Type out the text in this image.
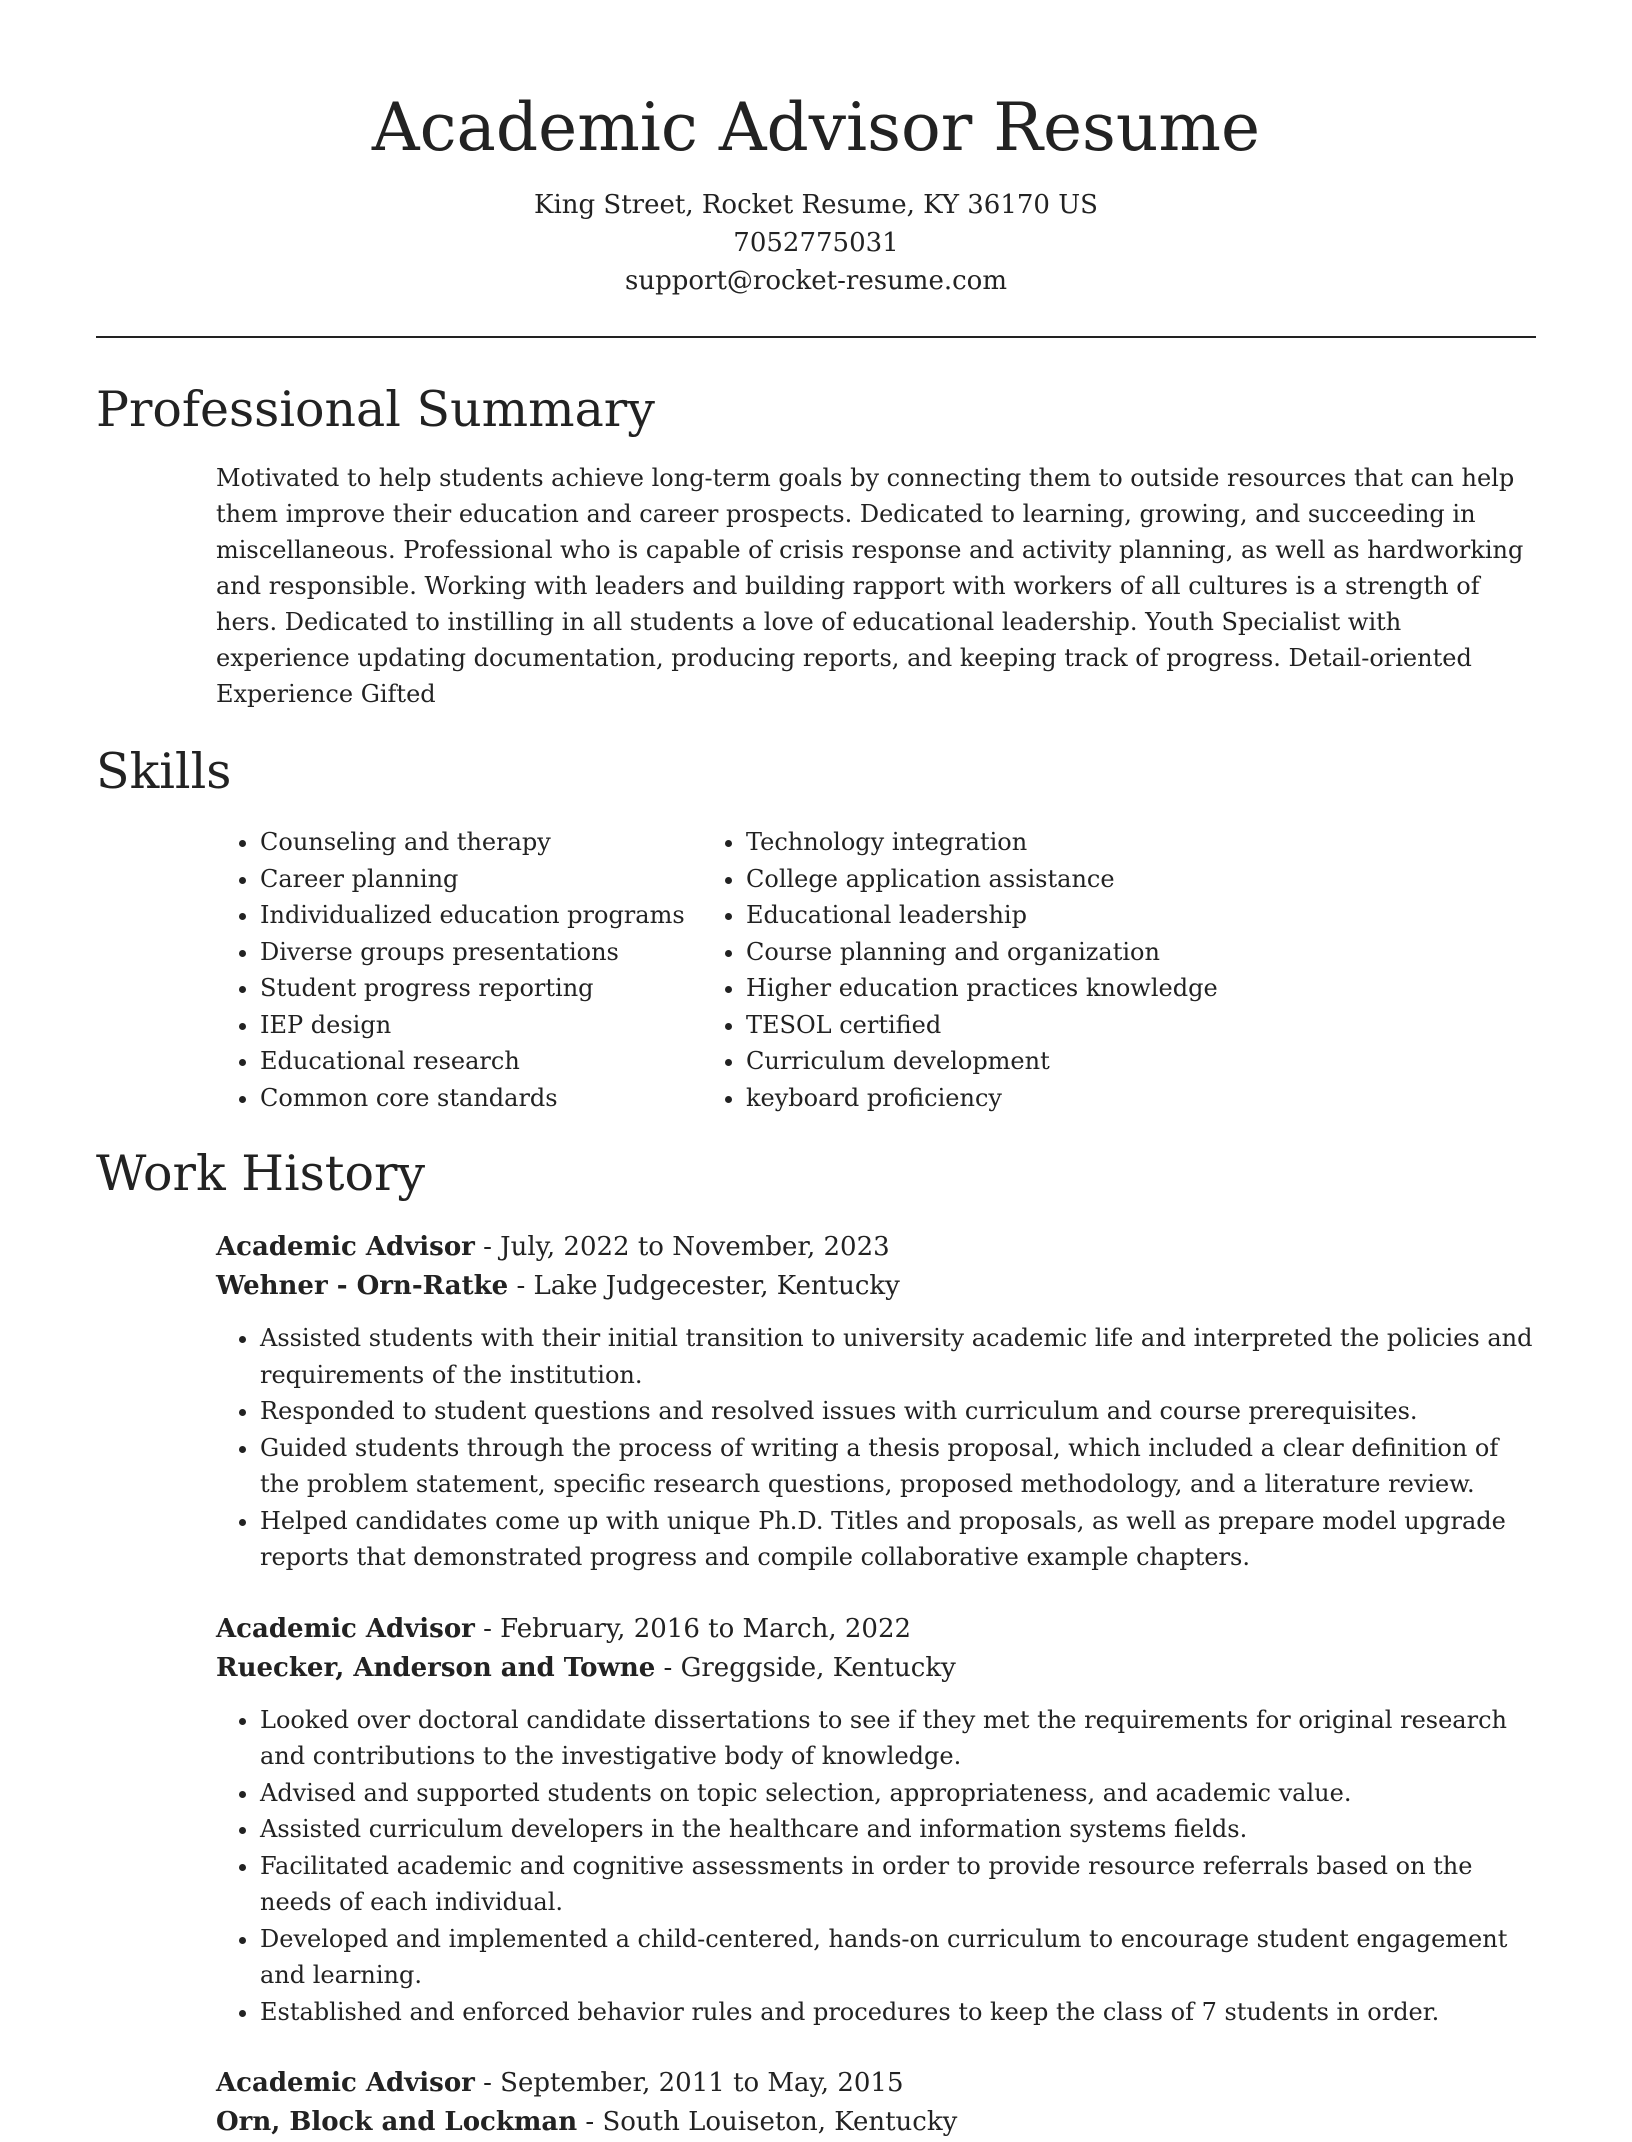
Academic Advisor Resume
King Street, Rocket Resume, KY 36170 US
7052775031
support@rocket-resume.com
Professional Summary

Motivated to help students achieve long-term goals by connecting them to outside resources that can help them improve their education and career prospects. Dedicated to learning, growing, and succeeding in miscellaneous. Professional who is capable of crisis response and activity planning, as well as hardworking and responsible. Working with leaders and building rapport with workers of all cultures is a strength of hers. Dedicated to instilling in all students a love of educational leadership. Youth Specialist with experience updating documentation, producing reports, and keeping track of progress. Detail-oriented Experience Gifted

Skills
• Counseling and therapy
• Career planning
• Individualized education programs
• Diverse groups presentations
• Student progress reporting
• IEP design
• Educational research
• Common core standards
• Technology integration
• College application assistance
• Educational leadership
• Course planning and organization
• Higher education practices knowledge
• TESOL certified
• Curriculum development
• keyboard proficiency
Work History
Academic Advisor - July, 2022 to November, 2023
Wehner - Orn-Ratke - Lake Judgecester, Kentucky
• Assisted students with their initial transition to university academic life and interpreted the policies and requirements of the institution.
• Responded to student questions and resolved issues with curriculum and course prerequisites.
• Guided students through the process of writing a thesis proposal, which included a clear definition of the problem statement, specific research questions, proposed methodology, and a literature review.
• Helped candidates come up with unique Ph.D. Titles and proposals, as well as prepare model upgrade reports that demonstrated progress and compile collaborative example chapters.
Academic Advisor - February, 2016 to March, 2022
Ruecker, Anderson and Towne - Greggside, Kentucky
• Looked over doctoral candidate dissertations to see if they met the requirements for original research and contributions to the investigative body of knowledge.
• Advised and supported students on topic selection, appropriateness, and academic value.
• Assisted curriculum developers in the healthcare and information systems fields.
• Facilitated academic and cognitive assessments in order to provide resource referrals based on the needs of each individual.
• Developed and implemented a child-centered, hands-on curriculum to encourage student engagement and learning.
• Established and enforced behavior rules and procedures to keep the class of 7 students in order.
Academic Advisor - September, 2011 to May, 2015
Orn, Block and Lockman - South Louiseton, Kentucky
